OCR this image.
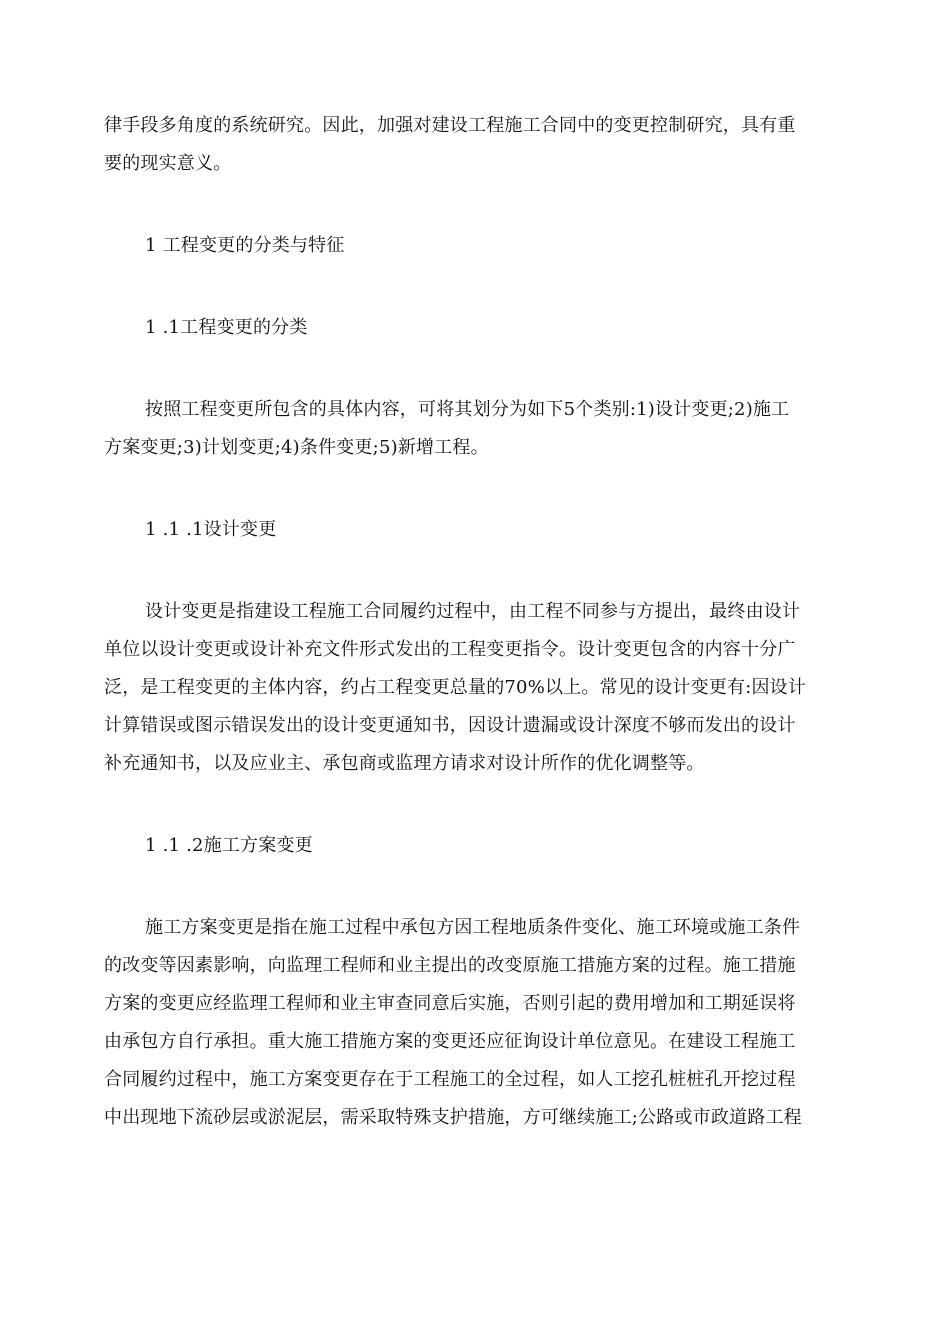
律手段多角度的系统研究。因此，加强对建设工程施工合同中的变更控制研究，具有重
要的现实意义。
1 工程变更的分类与特征
1 .1工程变更的分类
按照工程变更所包含的具体内容，可将其划分为如下5个类别:1)设计变更;2)施工
方案变更;3)计划变更;4)条件变更;5)新增工程。
1 .1 .1设计变更
设计变更是指建设工程施工合同履约过程中，由工程不同参与方提出，最终由设计
单位以设计变更或设计补充文件形式发出的工程变更指令。设计变更包含的内容十分广
泛，是工程变更的主体内容，约占工程变更总量的70%以上。常见的设计变更有:因设计
计算错误或图示错误发出的设计变更通知书，因设计遗漏或设计深度不够而发出的设计
补充通知书，以及应业主、承包商或监理方请求对设计所作的优化调整等。
1 .1 .2施工方案变更
施工方案变更是指在施工过程中承包方因工程地质条件变化、施工环境或施工条件
的改变等因素影响，向监理工程师和业主提出的改变原施工措施方案的过程。施工措施
方案的变更应经监理工程师和业主审查同意后实施，否则引起的费用增加和工期延误将
由承包方自行承担。重大施工措施方案的变更还应征询设计单位意见。在建设工程施工
合同履约过程中，施工方案变更存在于工程施工的全过程，如人工挖孔桩桩孔开挖过程
中出现地下流砂层或淤泥层，需采取特殊支护措施，方可继续施工;公路或市政道路工程
